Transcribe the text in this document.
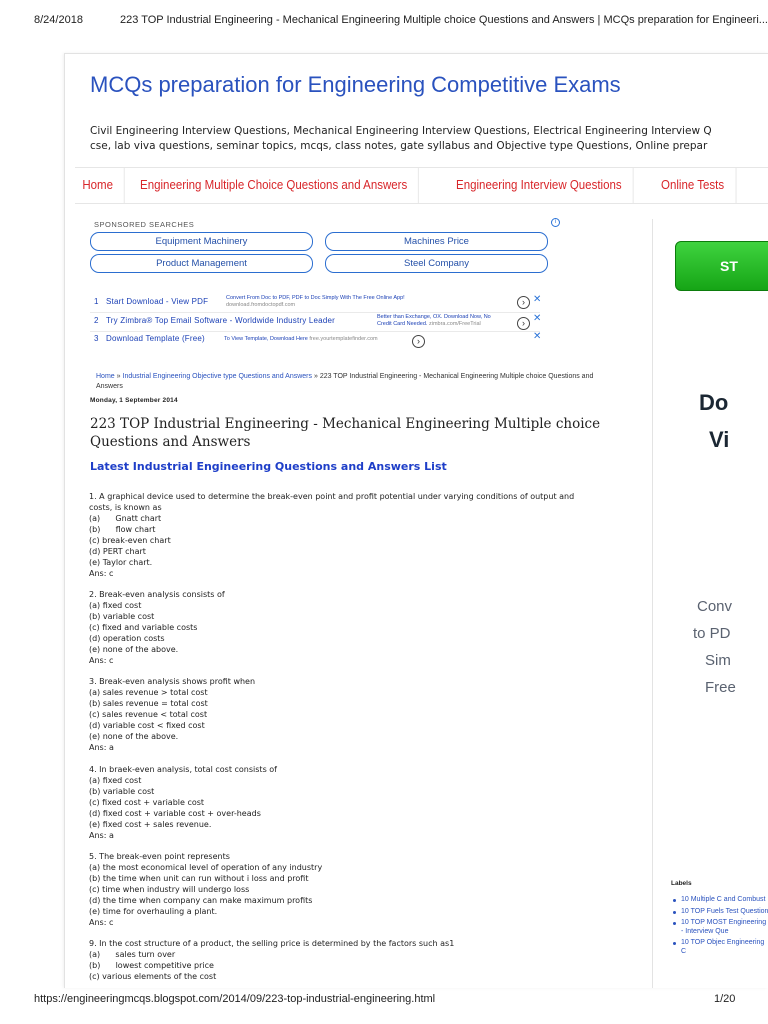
8/24/2018	223 TOP Industrial Engineering - Mechanical Engineering Multiple choice Questions and Answers | MCQs preparation for Engineeri...
MCQs preparation for Engineering Competitive Exams
Civil Engineering Interview Questions, Mechanical Engineering Interview Questions, Electrical Engineering Interview Q
cse, lab viva questions, seminar topics, mcqs, class notes, gate syllabus and Objective type Questions, Online prepar
Home	Engineering Multiple Choice Questions and Answers	Engineering Interview Questions	Online Tests
SPONSORED SEARCHES	i
Equipment Machinery	Machines Price
Product Management	Steel Company
1 Start Download - View PDF	Convert From Doc to PDF, PDF to Doc Simply With The Free Online App!
download.fromdoctopdf.com	› ✕
2 Try Zimbra® Top Email Software - Worldwide Industry Leader	Better than Exchange, OX. Download Now, No
Credit Card Needed. zimbra.com/FreeTrial	› ✕
3 Download Template (Free)	To View Template, Download Here free.yourtemplatefinder.com	›	✕
Home » Industrial Engineering Objective type Questions and Answers » 223 TOP Industrial Engineering - Mechanical Engineering Multiple choice Questions and Answers
Monday, 1 September 2014
223 TOP Industrial Engineering - Mechanical Engineering Multiple choice Questions and Answers
Latest Industrial Engineering Questions and Answers List
1. A graphical device used to determine the break-even point and profit potential under varying conditions of output and
costs, is known as
(a)      Gnatt chart
(b)      flow chart
(c) break-even chart
(d) PERT chart
(e) Taylor chart.
Ans: c
2. Break-even analysis consists of
(a) fixed cost
(b) variable cost
(c) fixed and variable costs
(d) operation costs
(e) none of the above.
Ans: c
3. Break-even analysis shows profit when
(a) sales revenue > total cost
(b) sales revenue = total cost
(c) sales revenue < total cost
(d) variable cost < fixed cost
(e) none of the above.
Ans: a
4. In braek-even analysis, total cost consists of
(a) fixed cost
(b) variable cost
(c) fixed cost + variable cost
(d) fixed cost + variable cost + over-heads
(e) fixed cost + sales revenue.
Ans: a
5. The break-even point represents
(a) the most economical level of operation of any industry
(b) the time when unit can run without i loss and profit
(c) time when industry will undergo loss
(d) the time when company can make maximum profits
(e) time for overhauling a plant.
Ans: c
9. In the cost structure of a product, the selling price is determined by the factors such as1
(a)      sales turn over
(b)      lowest competitive price
(c) various elements of the cost
ST
Do
Vi
Conv
to PD
Sim
Free
Labels
10 Multiple C and Combust
10 TOP Fuels Test Question
10 TOP MOST Engineering - Interview Que
10 TOP Objec Engineering C
https://engineeringmcqs.blogspot.com/2014/09/223-top-industrial-engineering.html	1/20
